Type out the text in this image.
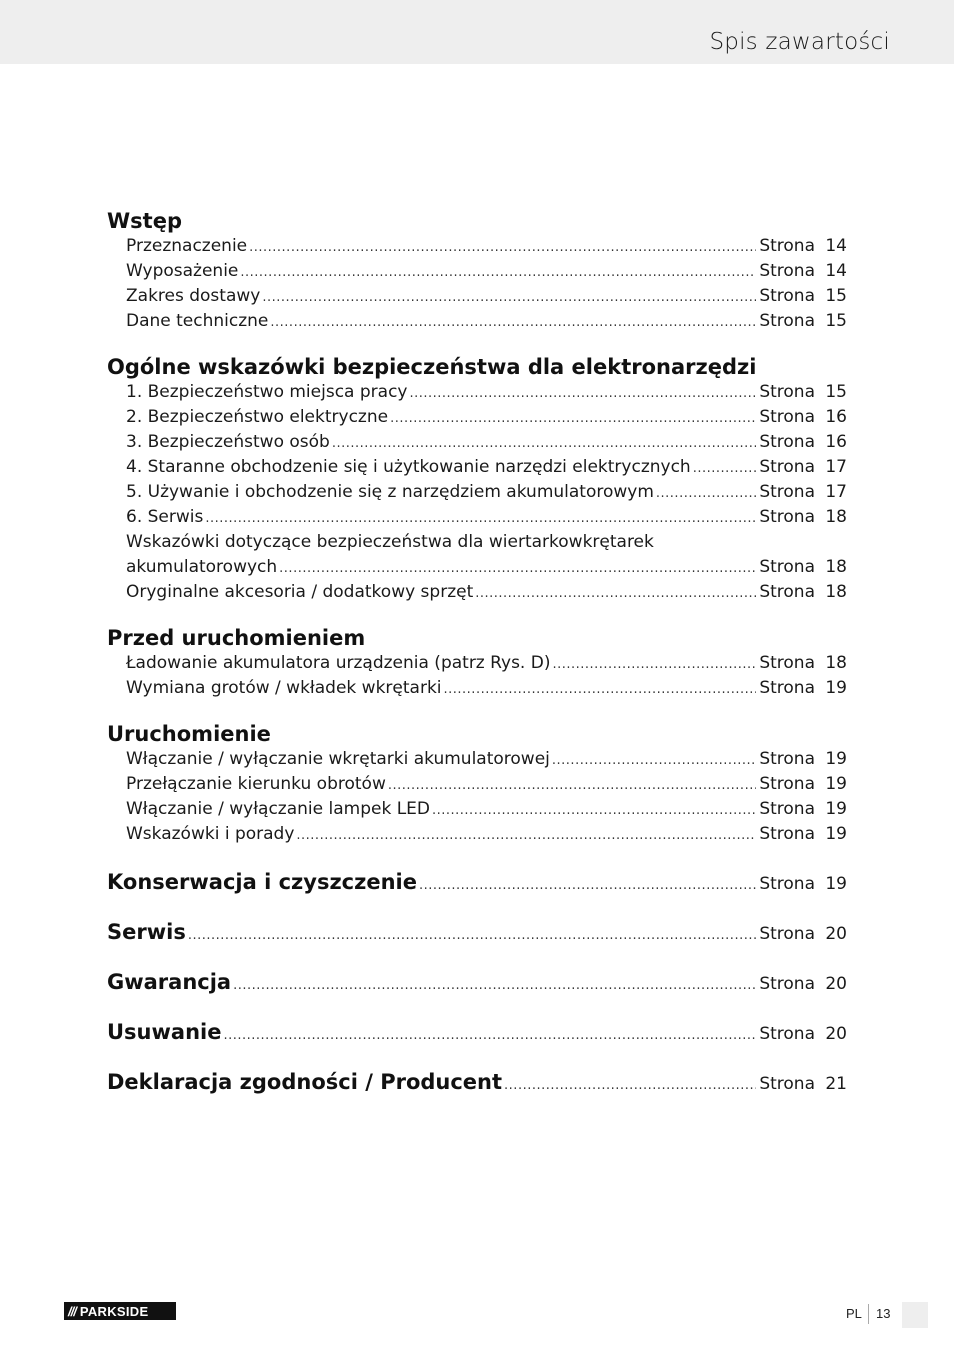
Spis zawartości
Wstęp
Przeznaczenie .....	Strona 14
Wyposażenie .....	Strona 14
Zakres dostawy .....	Strona 15
Dane techniczne .....	Strona 15
Ogólne wskazówki bezpieczeństwa dla elektronarzędzi
1. Bezpieczeństwo miejsca pracy .....	Strona 15
2. Bezpieczeństwo elektryczne .....	Strona 16
3. Bezpieczeństwo osób .....	Strona 16
4. Staranne obchodzenie się i użytkowanie narzędzi elektrycznych .....	Strona 17
5. Używanie i obchodzenie się z narzędziem akumulatorowym .....	Strona 17
6. Serwis .....	Strona 18
Wskazówki dotyczące bezpieczeństwa dla wiertarkowkrętarek
akumulatorowych .....	Strona 18
Oryginalne akcesoria / dodatkowy sprzęt .....	Strona 18
Przed uruchomieniem
Ładowanie akumulatora urządzenia (patrz Rys. D) .....	Strona 18
Wymiana grotów / wkładek wkrętarki .....	Strona 19
Uruchomienie
Włączanie / wyłączanie wkrętarki akumulatorowej .....	Strona 19
Przełączanie kierunku obrotów .....	Strona 19
Włączanie / wyłączanie lampek LED .....	Strona 19
Wskazówki i porady .....	Strona 19
Konserwacja i czyszczenie .....	Strona 19
Serwis .....	Strona 20
Gwarancja .....	Strona 20
Usuwanie .....	Strona 20
Deklaracja zgodności / Producent .....	Strona 21
/// PARKSIDE	PL 13
